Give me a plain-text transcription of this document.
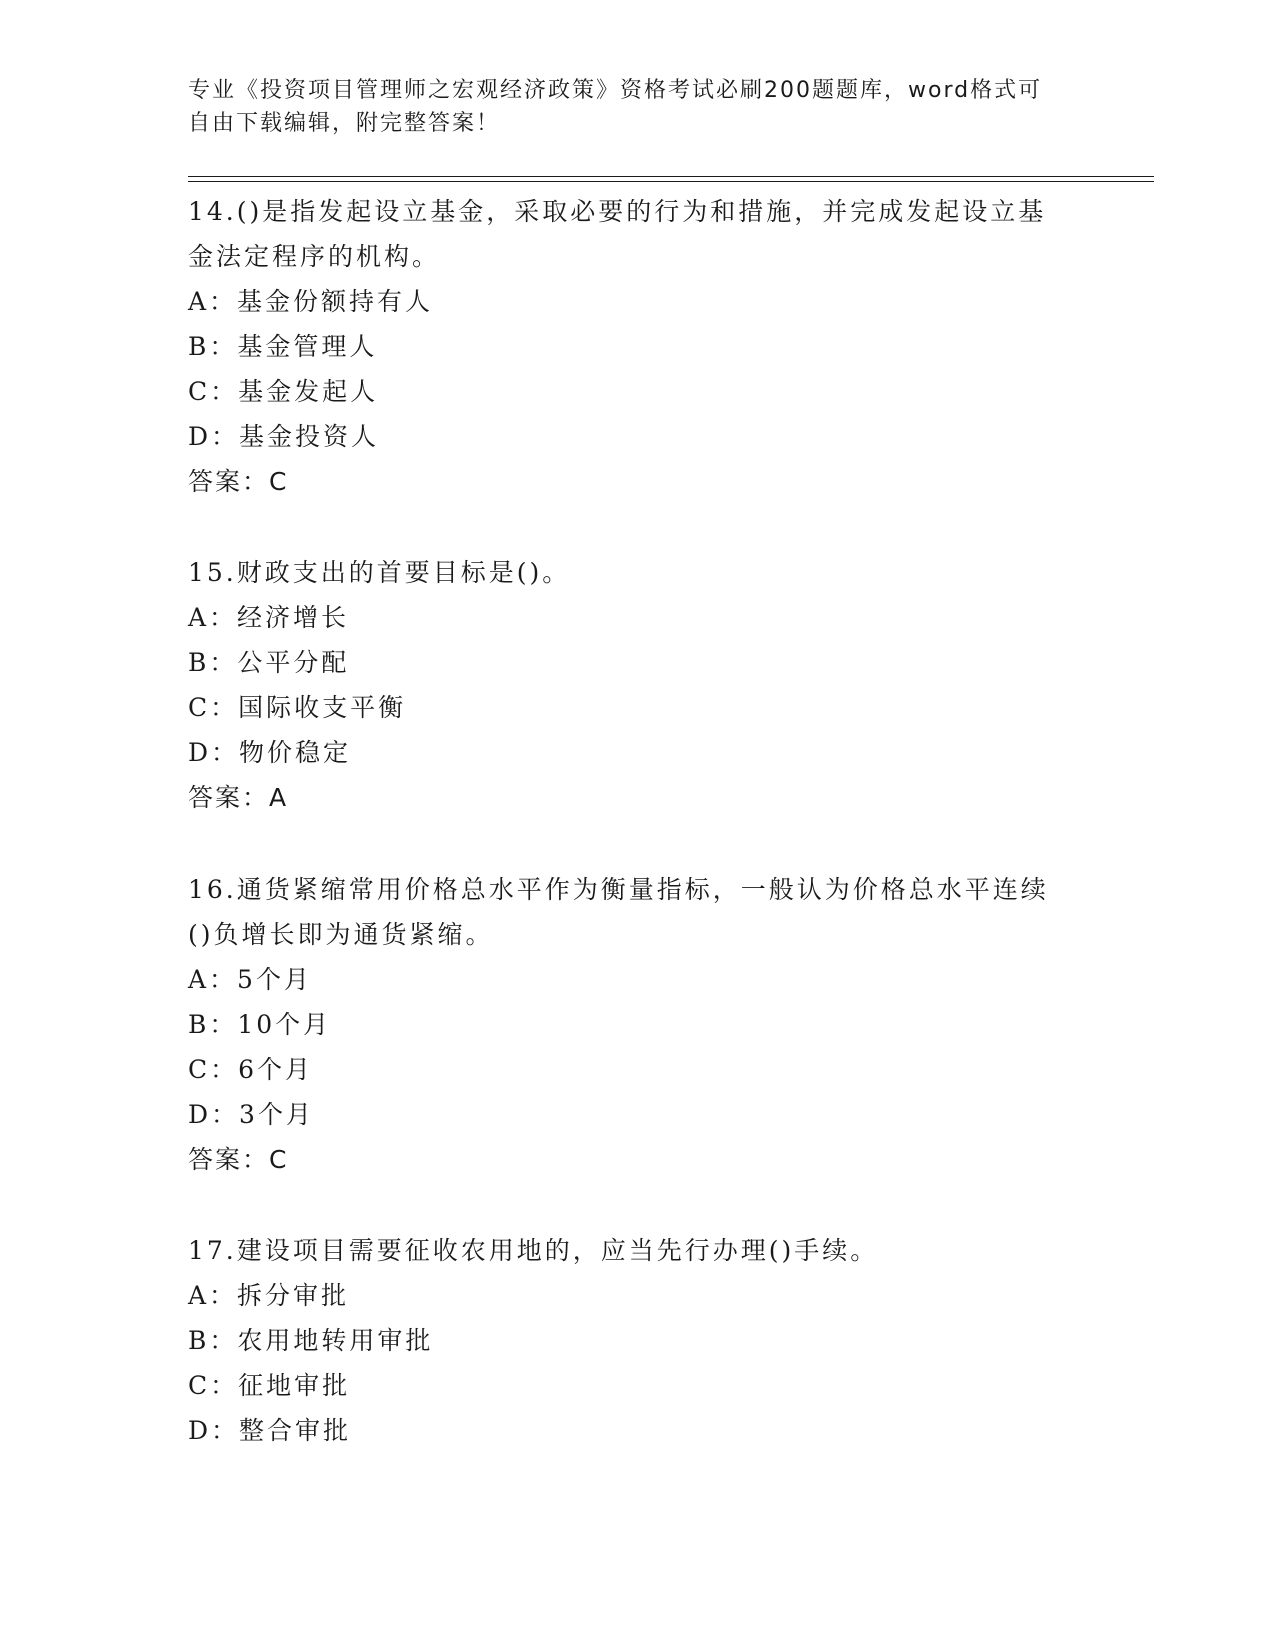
专业《投资项目管理师之宏观经济政策》资格考试必刷200题题库，word格式可
自由下载编辑，附完整答案！
14.()是指发起设立基金，采取必要的行为和措施，并完成发起设立基
金法定程序的机构。
A：基金份额持有人
B：基金管理人
C：基金发起人
D：基金投资人
答案：C
15.财政支出的首要目标是()。
A：经济增长
B：公平分配
C：国际收支平衡
D：物价稳定
答案：A
16.通货紧缩常用价格总水平作为衡量指标，一般认为价格总水平连续
()负增长即为通货紧缩。
A：5个月
B：10个月
C：6个月
D：3个月
答案：C
17.建设项目需要征收农用地的，应当先行办理()手续。
A：拆分审批
B：农用地转用审批
C：征地审批
D：整合审批
